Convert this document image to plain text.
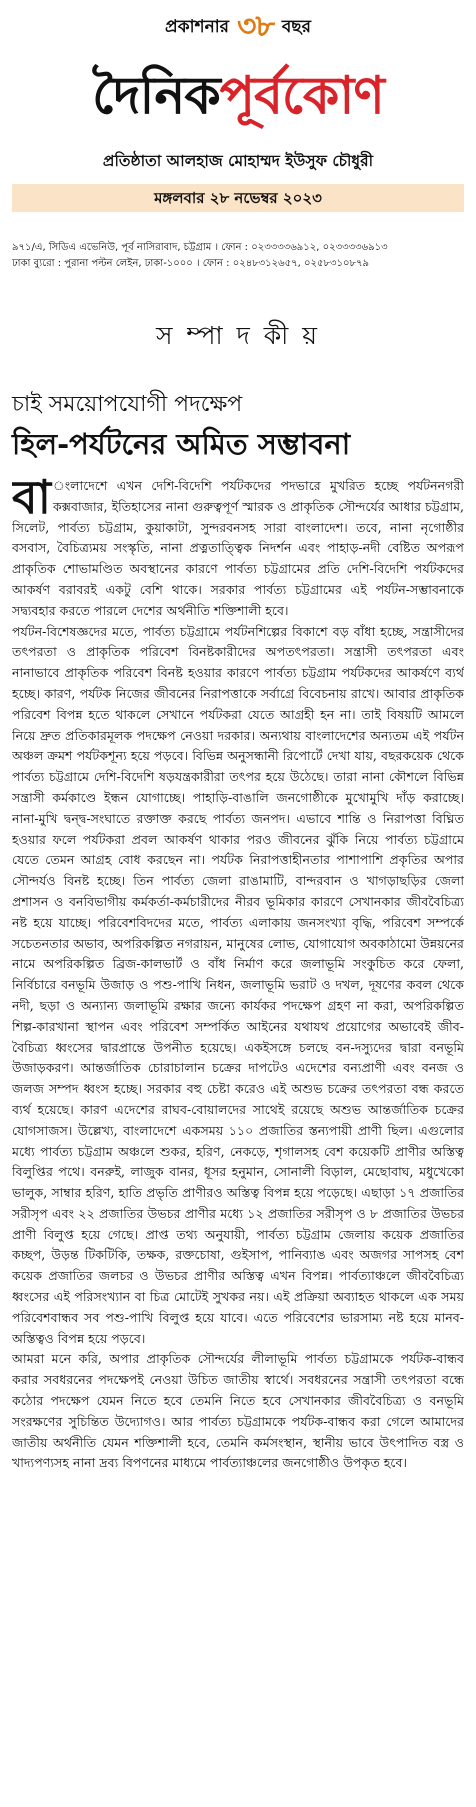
প্রকাশনার ৩৮ বছর
দৈনিকপূর্বকোণ
প্রতিষ্ঠাতা আলহাজ মোহাম্মদ ইউসুফ চৌধুরী
মঙ্গলবার ২৮ নভেম্বর ২০২৩
৯৭১/এ, সিডিএ এভেনিউ, পূর্ব নাসিরাবাদ, চট্টগ্রাম । ফোন : ০২৩৩৩৩৬৯১২, ০২৩৩৩৩৬৯১৩
ঢাকা ব্যুরো : পুরানা পল্টন লেইন, ঢাকা-১০০০ । ফোন : ০২৪৮৩১২৬৫৭, ০২৫৮৩১০৮৭৯
স ম্পা দ কী য়
চাই সময়োপযোগী পদক্ষেপ
হিল-পর্যটনের অমিত সম্ভাবনা

বা ংলাদেশে এখন দেশি-বিদেশি পর্যটকদের পদভারে মুখরিত হচ্ছে পর্যটননগরী কক্সবাজার, ইতিহাসের নানা গুরুত্বপূর্ণ স্মারক ও প্রাকৃতিক সৌন্দর্যের আধার চট্টগ্রাম, সিলেট, পার্বত্য চট্টগ্রাম, কুয়াকাটা, সুন্দরবনসহ সারা বাংলাদেশ। তবে, নানা নৃগোষ্ঠীর বসবাস, বৈচিত্র্যময় সংস্কৃতি, নানা প্রত্নতাত্ত্বিক নিদর্শন এবং পাহাড়-নদী বেষ্টিত অপরূপ প্রাকৃতিক শোভামণ্ডিত অবস্থানের কারণে পার্বত্য চট্টগ্রামের প্রতি দেশি-বিদেশি পর্যটকদের আকর্ষণ বরাবরই একটু বেশি থাকে। সরকার পার্বত্য চট্টগ্রামের এই পর্যটন-সম্ভাবনাকে সদ্ব্যবহার করতে পারলে দেশের অর্থনীতি শক্তিশালী হবে।

পর্যটন-বিশেষজ্ঞদের মতে, পার্বত্য চট্টগ্রামে পর্যটনশিল্পের বিকাশে বড় বাঁধা হচ্ছে, সন্ত্রাসীদের তৎপরতা ও প্রাকৃতিক পরিবেশ বিনষ্টকারীদের অপতৎপরতা। সন্ত্রাসী তৎপরতা এবং নানাভাবে প্রাকৃতিক পরিবেশ বিনষ্ট হওয়ার কারণে পার্বত্য চট্টগ্রাম পর্যটকদের আকর্ষণে ব্যর্থ হচ্ছে। কারণ, পর্যটক নিজের জীবনের নিরাপত্তাকে সর্বাগ্রে বিবেচনায় রাখে। আবার প্রাকৃতিক পরিবেশ বিপন্ন হতে থাকলে সেখানে পর্যটকরা যেতে আগ্রহী হন না। তাই বিষয়টি আমলে নিয়ে দ্রুত প্রতিকারমূলক পদক্ষেপ নেওয়া দরকার। অন্যথায় বাংলাদেশের অন্যতম এই পর্যটন অঞ্চল ক্রমশ পর্যটকশূন্য হয়ে পড়বে। বিভিন্ন অনুসন্ধানী রিপোর্টে দেখা যায়, বছরকয়েক থেকে পার্বত্য চট্টগ্রামে দেশি-বিদেশি ষড়যন্ত্রকারীরা তৎপর হয়ে উঠেছে। তারা নানা কৌশলে বিভিন্ন সন্ত্রাসী কর্মকাণ্ডে ইন্ধন যোগাচ্ছে। পাহাড়ি-বাঙালি জনগোষ্ঠীকে মুখোমুখি দাঁড় করাচ্ছে। নানা-মুখি দ্বন্দ্ব-সংঘাতে রক্তাক্ত করছে পার্বত্য জনপদ। এভাবে শান্তি ও নিরাপত্তা বিঘ্নিত হওয়ার ফলে পর্যটকরা প্রবল আকর্ষণ থাকার পরও জীবনের ঝুঁকি নিয়ে পার্বত্য চট্টগ্রামে যেতে তেমন আগ্রহ বোধ করছেন না। পর্যটক নিরাপত্তাহীনতার পাশাপাশি প্রকৃতির অপার সৌন্দর্যও বিনষ্ট হচ্ছে। তিন পার্বত্য জেলা রাঙামাটি, বান্দরবান ও খাগড়াছড়ির জেলা প্রশাসন ও বনবিভাগীয় কর্মকর্তা-কর্মচারীদের নীরব ভূমিকার কারণে সেখানকার জীববৈচিত্র্য নষ্ট হয়ে যাচ্ছে। পরিবেশবিদদের মতে, পার্বত্য এলাকায় জনসংখ্যা বৃদ্ধি, পরিবেশ সম্পর্কে সচেতনতার অভাব, অপরিকল্পিত নগরায়ন, মানুষের লোভ, যোগাযোগ অবকাঠামো উন্নয়নের নামে অপরিকল্পিত ব্রিজ-কালভার্ট ও বাঁধ নির্মাণ করে জলাভূমি সংকুচিত করে ফেলা, নির্বিচারে বনভূমি উজাড় ও পশু-পাখি নিধন, জলাভূমি ভরাট ও দখল, দূষণের কবল থেকে নদী, ছড়া ও অন্যান্য জলাভূমি রক্ষার জন্যে কার্যকর পদক্ষেপ গ্রহণ না করা, অপরিকল্পিত শিল্প-কারখানা স্থাপন এবং পরিবেশ সম্পর্কিত আইনের যথাযথ প্রয়োগের অভাবেই জীব-বৈচিত্র্য ধ্বংসের দ্বারপ্রান্তে উপনীত হয়েছে। একইসঙ্গে চলছে বন-দস্যুদের দ্বারা বনভূমি উজাড়করণ। আন্তর্জাতিক চোরাচালান চক্রের দাপটেও এদেশের বন্যপ্রাণী এবং বনজ ও জলজ সম্পদ ধ্বংস হচ্ছে। সরকার বহু চেষ্টা করেও এই অশুভ চক্রের তৎপরতা বন্ধ করতে ব্যর্থ হয়েছে। কারণ এদেশের রাঘব-বোয়ালদের সাথেই রয়েছে অশুভ আন্তর্জাতিক চক্রের যোগসাজস। উল্লেখ্য, বাংলাদেশে একসময় ১১০ প্রজাতির স্তন্যপায়ী প্রাণী ছিল। এগুলোর মধ্যে পার্বত্য চট্টগ্রাম অঞ্চলে শুকর, হরিণ, নেকড়ে, শৃগালসহ বেশ কয়েকটি প্রাণীর অস্তিত্ব বিলুপ্তির পথে। বনরুই, লাজুক বানর, ধূসর হনুমান, সোনালী বিড়াল, মেছোবাঘ, মধুখেকো ভালুক, সাম্বার হরিণ, হাতি প্রভৃতি প্রাণীরও অস্তিত্ব বিপন্ন হয়ে পড়েছে। এছাড়া ১৭ প্রজাতির সরীসৃপ এবং ২২ প্রজাতির উভচর প্রাণীর মধ্যে ১২ প্রজাতির সরীসৃপ ও ৮ প্রজাতির উভচর প্রাণী বিলুপ্ত হয়ে গেছে। প্রাপ্ত তথ্য অনুযায়ী, পার্বত্য চট্টগ্রাম জেলায় কয়েক প্রজাতির কচ্ছপ, উড়ন্ত টিকটিকি, তক্ষক, রক্তচোষা, গুইসাপ, পানিব্যাঙ এবং অজগর সাপসহ বেশ কয়েক প্রজাতির জলচর ও উভচর প্রাণীর অস্তিত্ব এখন বিপন্ন। পার্বত্যাঞ্চলে জীববৈচিত্র্য ধ্বংসের এই পরিসংখ্যান বা চিত্র মোটেই সুখকর নয়। এই প্রক্রিয়া অব্যাহত থাকলে এক সময় পরিবেশবান্ধব সব পশু-পাখি বিলুপ্ত হয়ে যাবে। এতে পরিবেশের ভারসাম্য নষ্ট হয়ে মানব-অস্তিত্বও বিপন্ন হয়ে পড়বে।

আমরা মনে করি, অপার প্রাকৃতিক সৌন্দর্যের লীলাভূমি পার্বত্য চট্টগ্রামকে পর্যটক-বান্ধব করার সবধরনের পদক্ষেপই নেওয়া উচিত জাতীয় স্বার্থে। সবধরনের সন্ত্রাসী তৎপরতা বন্ধে কঠোর পদক্ষেপ যেমন নিতে হবে তেমনি নিতে হবে সেখানকার জীববৈচিত্র্য ও বনভূমি সংরক্ষণের সুচিন্তিত উদ্যোগও। আর পার্বত্য চট্টগ্রামকে পর্যটক-বান্ধব করা গেলে আমাদের জাতীয় অর্থনীতি যেমন শক্তিশালী হবে, তেমনি কর্মসংস্থান, স্থানীয় ভাবে উৎপাদিত বস্ত্র ও খাদ্যপণ্যসহ নানা দ্রব্য বিপণনের মাধ্যমে পার্বত্যাঞ্চলের জনগোষ্ঠীও উপকৃত হবে।
